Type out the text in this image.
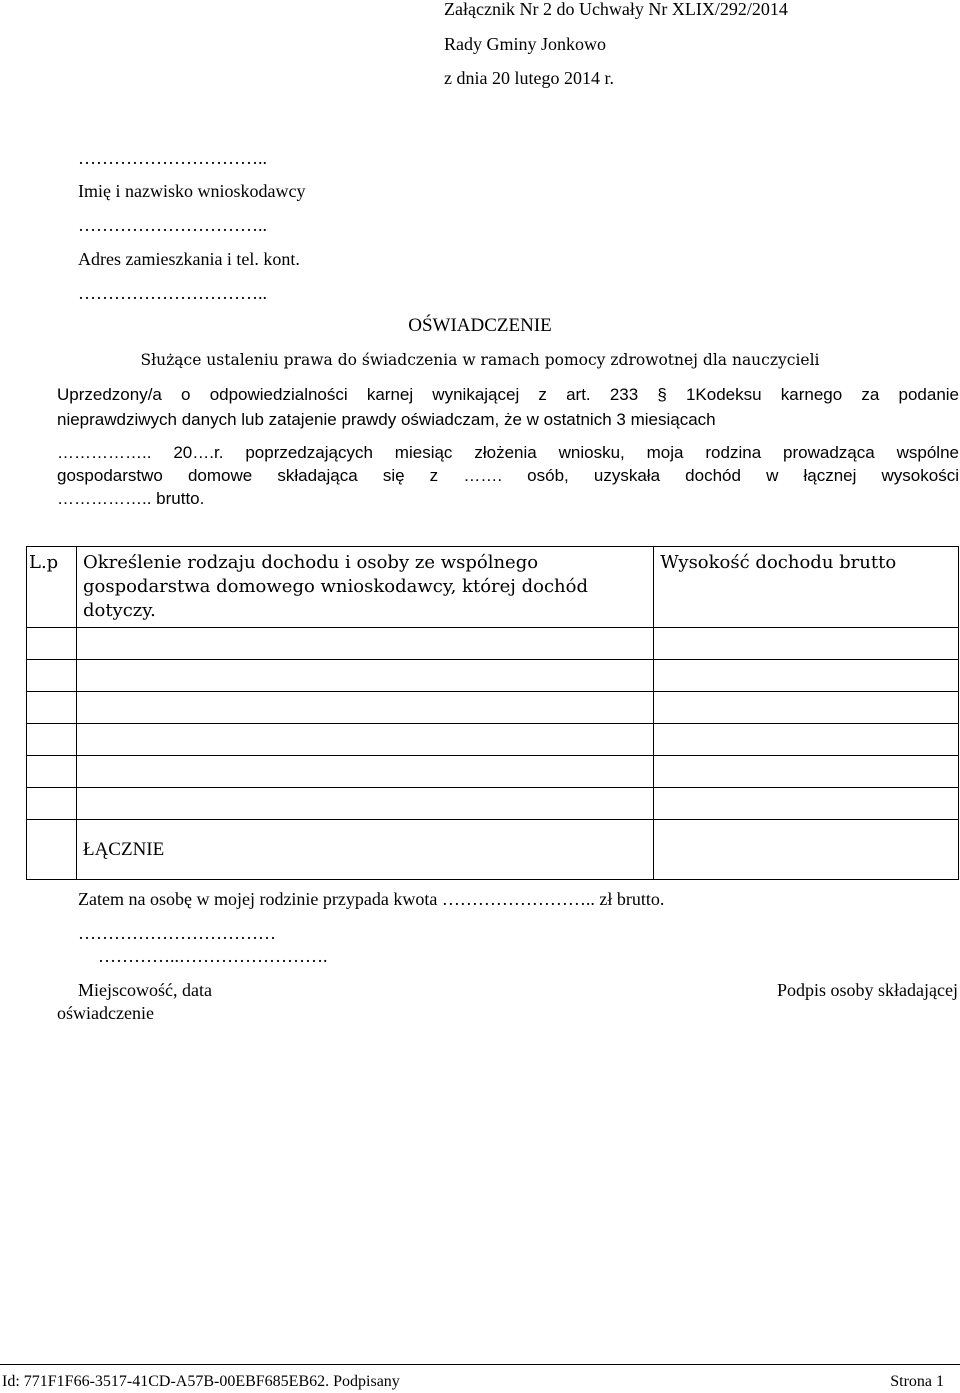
Załącznik Nr 2 do Uchwały Nr XLIX/292/2014
Rady Gminy Jonkowo
z dnia 20 lutego 2014 r.
…………………………..
Imię i nazwisko wnioskodawcy
…………………………..
Adres zamieszkania i tel. kont.
…………………………..
OŚWIADCZENIE
Służące ustaleniu prawa do świadczenia w ramach pomocy zdrowotnej dla nauczycieli
Uprzedzony/a o odpowiedzialności karnej wynikającej z art. 233 § 1Kodeksu karnego za podanie
nieprawdziwych danych lub zatajenie prawdy oświadczam, że w ostatnich 3 miesiącach
…………….. 20….r. poprzedzających miesiąc złożenia wniosku, moja rodzina prowadząca wspólne
gospodarstwo domowe składająca się z ……. osób, uzyskała dochód w łącznej wysokości
…………….. brutto.
L.p	Określenie rodzaju dochodu i osoby ze wspólnego gospodarstwa domowego wnioskodawcy, której dochód dotyczy.	Wysokość dochodu brutto

	ŁĄCZNIE	
Zatem na osobę w mojej rodzinie przypada kwota …………………….. zł brutto.
……………………………
…………..…………………….
Miejscowość, data
oświadczenie
Podpis osoby składającej
Id: 771F1F66-3517-41CD-A57B-00EBF685EB62. Podpisany	Strona 1
